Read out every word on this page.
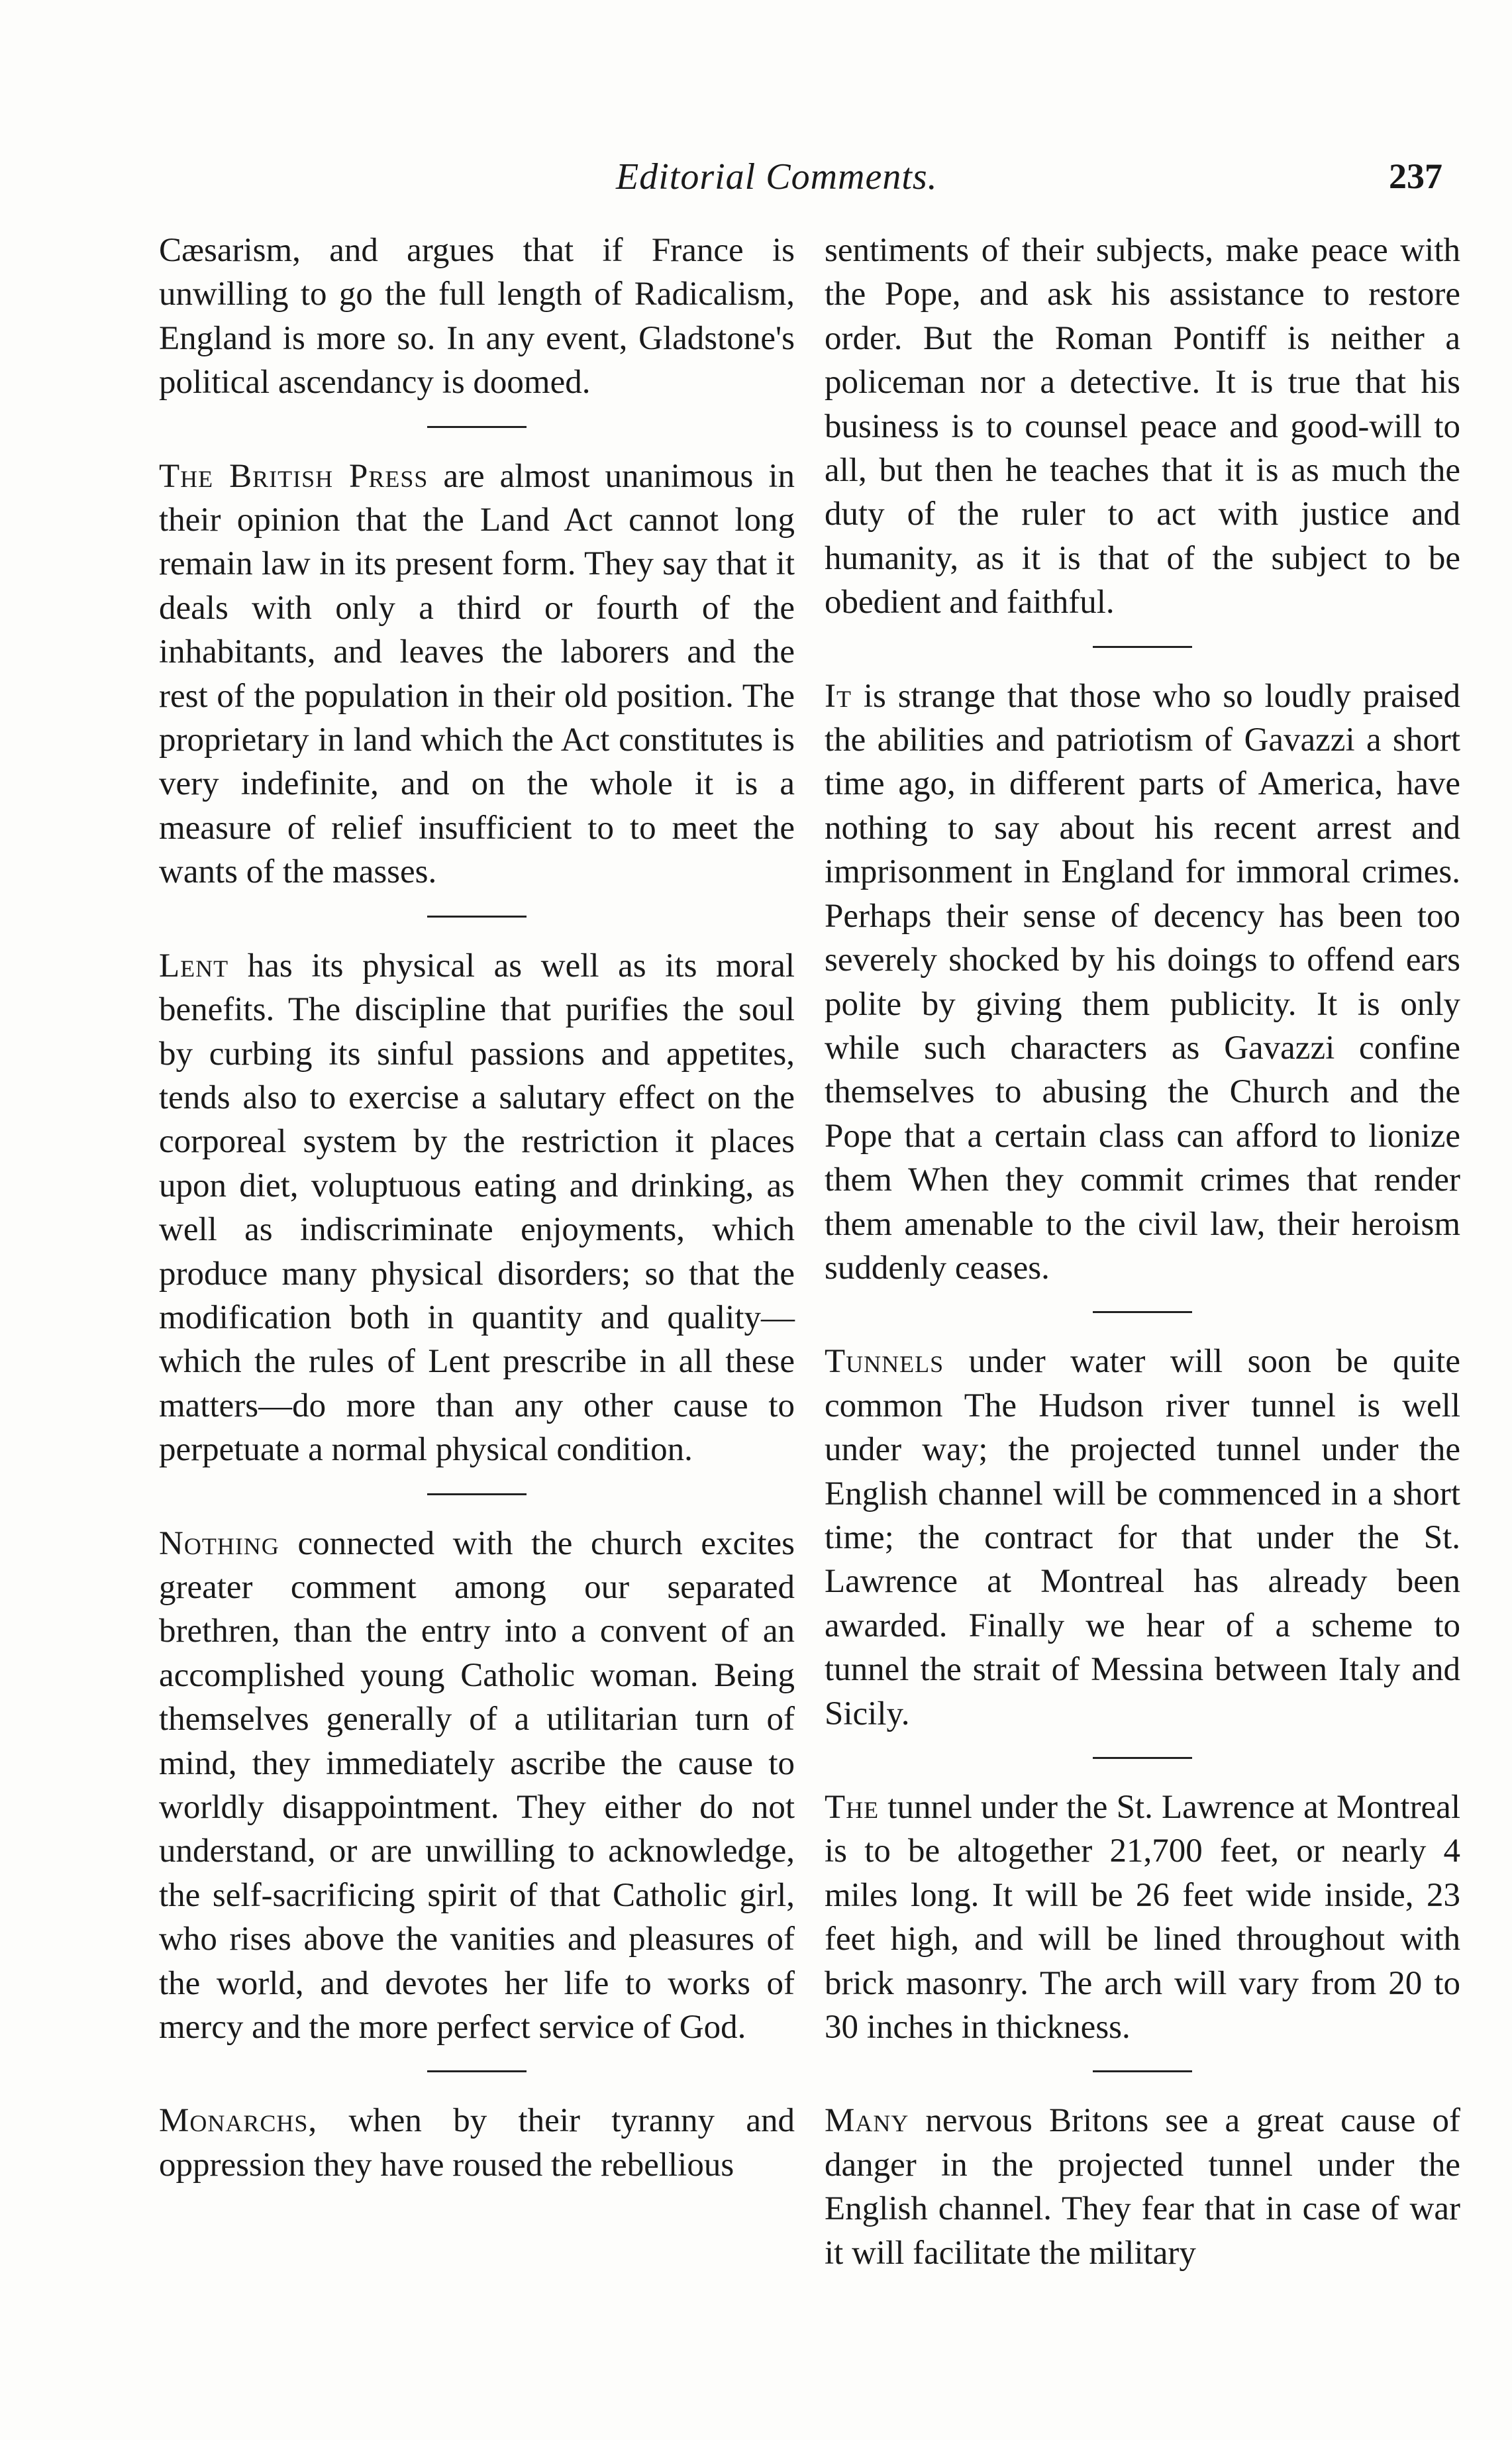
Editorial Comments.	237

Cæsarism, and argues that if France is unwilling to go the full length of Radicalism, England is more so. In any event, Gladstone's political ascendancy is doomed.

The British Press are almost unanimous in their opinion that the Land Act cannot long remain law in its present form. They say that it deals with only a third or fourth of the inhabitants, and leaves the laborers and the rest of the population in their old position. The proprietary in land which the Act constitutes is very indefinite, and on the whole it is a measure of relief insufficient to to meet the wants of the masses.

Lent has its physical as well as its moral benefits. The discipline that purifies the soul by curbing its sinful passions and appetites, tends also to exercise a salutary effect on the corporeal system by the restriction it places upon diet, voluptuous eating and drinking, as well as indiscriminate enjoyments, which produce many physical disorders; so that the modification both in quantity and quality—which the rules of Lent prescribe in all these matters—do more than any other cause to perpetuate a normal physical condition.

Nothing connected with the church excites greater comment among our separated brethren, than the entry into a convent of an accomplished young Catholic woman. Being themselves generally of a utilitarian turn of mind, they immediately ascribe the cause to worldly disappointment. They either do not understand, or are unwilling to acknowledge, the self-sacrificing spirit of that Catholic girl, who rises above the vanities and pleasures of the world, and devotes her life to works of mercy and the more perfect service of God.

Monarchs, when by their tyranny and oppression they have roused the rebellious

sentiments of their subjects, make peace with the Pope, and ask his assistance to restore order. But the Roman Pontiff is neither a policeman nor a detective. It is true that his business is to counsel peace and good-will to all, but then he teaches that it is as much the duty of the ruler to act with justice and humanity, as it is that of the subject to be obedient and faithful.

It is strange that those who so loudly praised the abilities and patriotism of Gavazzi a short time ago, in different parts of America, have nothing to say about his recent arrest and imprisonment in England for immoral crimes. Perhaps their sense of decency has been too severely shocked by his doings to offend ears polite by giving them publicity. It is only while such characters as Gavazzi confine themselves to abusing the Church and the Pope that a certain class can afford to lionize them When they commit crimes that render them amenable to the civil law, their heroism suddenly ceases.

Tunnels under water will soon be quite common The Hudson river tunnel is well under way; the projected tunnel under the English channel will be commenced in a short time; the contract for that under the St. Lawrence at Montreal has already been awarded. Finally we hear of a scheme to tunnel the strait of Messina between Italy and Sicily.

The tunnel under the St. Lawrence at Montreal is to be altogether 21,700 feet, or nearly 4 miles long. It will be 26 feet wide inside, 23 feet high, and will be lined throughout with brick masonry. The arch will vary from 20 to 30 inches in thickness.

Many nervous Britons see a great cause of danger in the projected tunnel under the English channel. They fear that in case of war it will facilitate the military
